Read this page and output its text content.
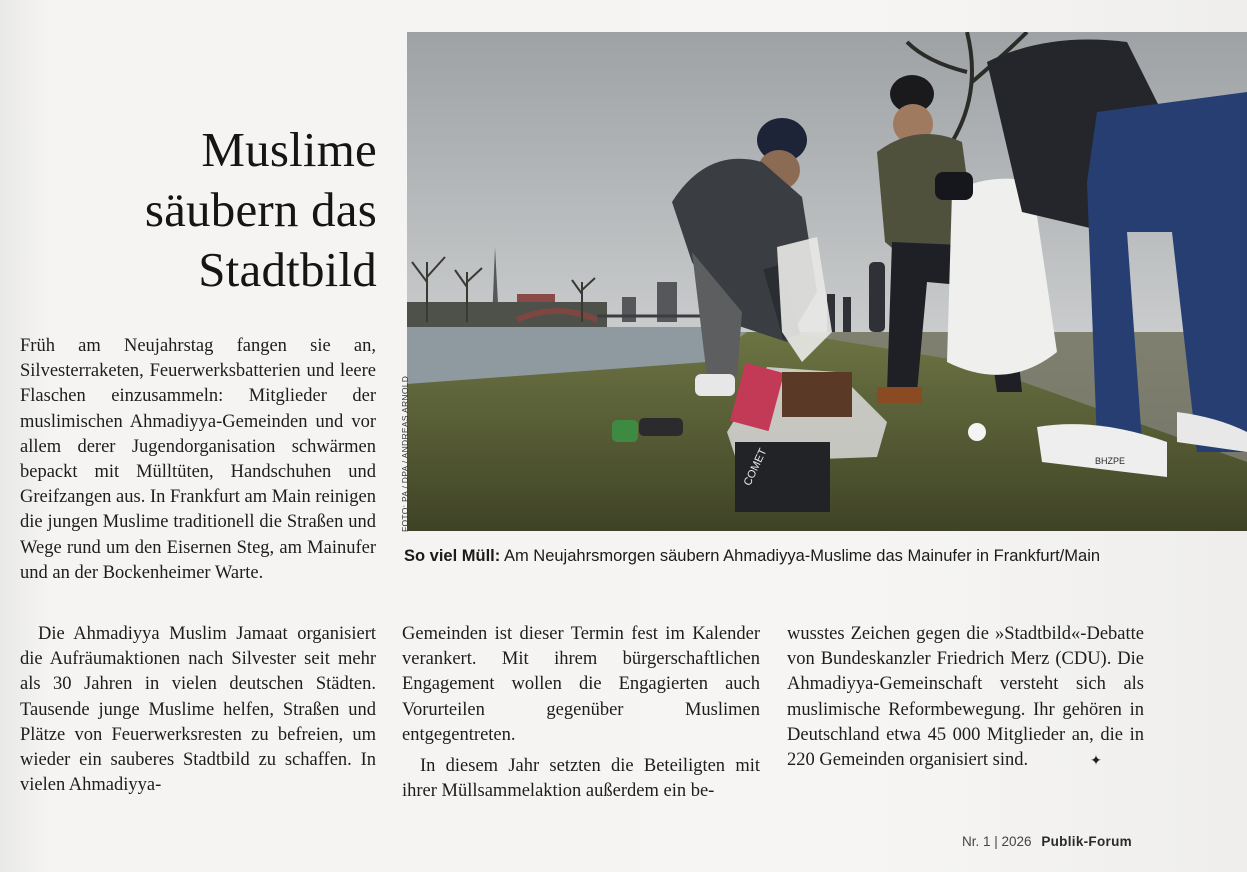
Muslime
säubern das
Stadtbild

Früh am Neujahrstag fangen sie an, Silvesterraketen, Feuerwerksbatterien und leere Flaschen einzusammeln: Mitglieder der muslimischen Ahmadiyya-Gemeinden und vor allem derer Jugendorganisation schwärmen bepackt mit Mülltüten, Handschuhen und Greifzangen aus. In Frankfurt am Main reinigen die jungen Muslime traditionell die Straßen und Wege rund um den Eisernen Steg, am Mainufer und an der Bockenheimer Warte.

Die Ahmadiyya Muslim Jamaat organisiert die Aufräumaktionen nach Silvester seit mehr als 30 Jahren in vielen deutschen Städten. Tausende junge Muslime helfen, Straßen und Plätze von Feuerwerksresten zu befreien, um wieder ein sauberes Stadtbild zu schaffen. In vielen Ahmadiyya-

Gemeinden ist dieser Termin fest im Kalender verankert. Mit ihrem bürgerschaftlichen Engagement wollen die Engagierten auch Vorurteilen gegenüber Muslimen entgegentreten.

In diesem Jahr setzten die Beteiligten mit ihrer Müllsammelaktion außerdem ein be-

wusstes Zeichen gegen die »Stadtbild«-Debatte von Bundeskanzler Friedrich Merz (CDU). Die Ahmadiyya-Gemeinschaft versteht sich als muslimische Reformbewegung. Ihr gehören in Deutschland etwa 45 000 Mitglieder an, die in 220 Gemeinden organisiert sind.	✦

COMET	BHZPE
FOTO: PA / DPA / ANDREAS ARNOLD
So viel Müll: Am Neujahrsmorgen säubern Ahmadiyya-Muslime das Mainufer in Frankfurt/Main
Nr. 1 | 2026 Publik-Forum
